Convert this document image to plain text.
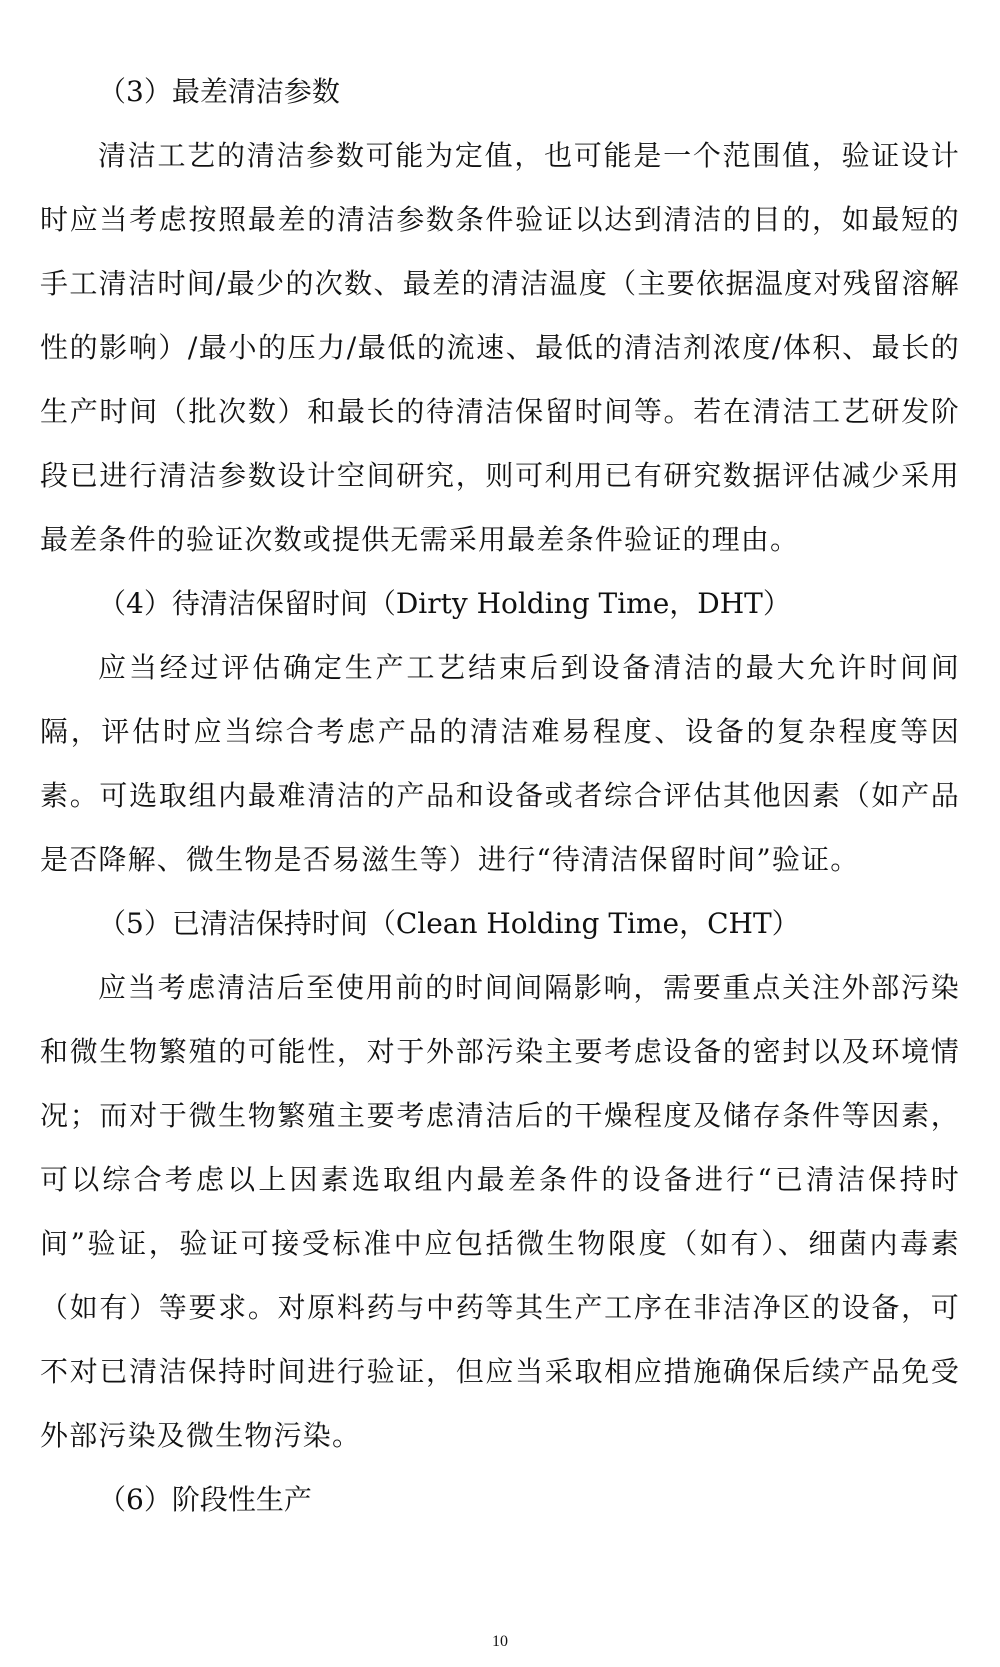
（3）最差清洁参数

清洁工艺的清洁参数可能为定值，也可能是一个范围值，验证设计时应当考虑按照最差的清洁参数条件验证以达到清洁的目的，如最短的手工清洁时间/最少的次数、最差的清洁温度（主要依据温度对残留溶解性的影响）/最小的压力/最低的流速、最低的清洁剂浓度/体积、最长的生产时间（批次数）和最长的待清洁保留时间等。若在清洁工艺研发阶段已进行清洁参数设计空间研究，则可利用已有研究数据评估减少采用最差条件的验证次数或提供无需采用最差条件验证的理由。

（4）待清洁保留时间（Dirty Holding Time，DHT）

应当经过评估确定生产工艺结束后到设备清洁的最大允许时间间隔，评估时应当综合考虑产品的清洁难易程度、设备的复杂程度等因素。可选取组内最难清洁的产品和设备或者综合评估其他因素（如产品是否降解、微生物是否易滋生等）进行“待清洁保留时间”验证。

（5）已清洁保持时间（Clean Holding Time，CHT）

应当考虑清洁后至使用前的时间间隔影响，需要重点关注外部污染和微生物繁殖的可能性，对于外部污染主要考虑设备的密封以及环境情况；而对于微生物繁殖主要考虑清洁后的干燥程度及储存条件等因素，可以综合考虑以上因素选取组内最差条件的设备进行“已清洁保持时间”验证，验证可接受标准中应包括微生物限度（如有）、细菌内毒素（如有）等要求。对原料药与中药等其生产工序在非洁净区的设备，可不对已清洁保持时间进行验证，但应当采取相应措施确保后续产品免受外部污染及微生物污染。

（6）阶段性生产
10
